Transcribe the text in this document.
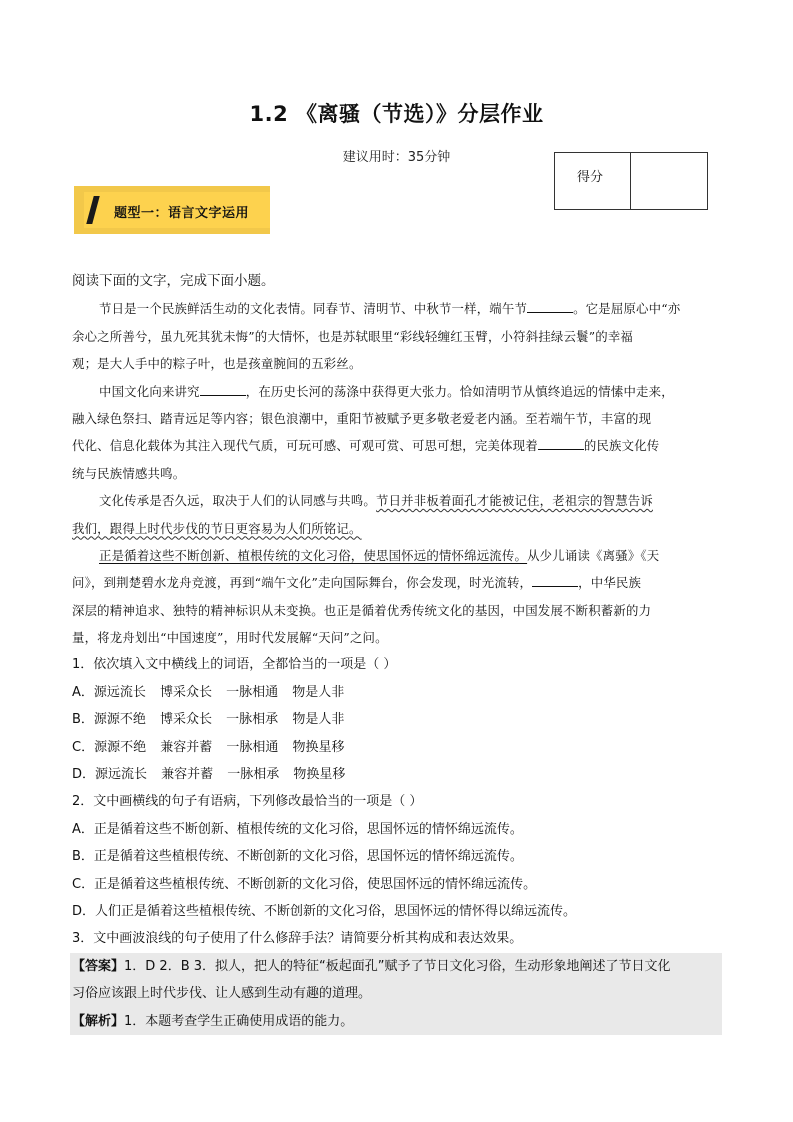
1.2 《离骚（节选）》分层作业
建议用时：35分钟
得分
题型一：语言文字运用
阅读下面的文字，完成下面小题。
节日是一个民族鲜活生动的文化表情。同春节、清明节、中秋节一样，端午节	。它是屈原心中“亦
余心之所善兮，虽九死其犹未悔”的大情怀，也是苏轼眼里“彩线轻缠红玉臂，小符斜挂绿云鬟”的幸福
观；是大人手中的粽子叶，也是孩童腕间的五彩丝。
中国文化向来讲究	，在历史长河的荡涤中获得更大张力。恰如清明节从慎终追远的情愫中走来，
融入绿色祭扫、踏青远足等内容；银色浪潮中，重阳节被赋予更多敬老爱老内涵。至若端午节，丰富的现
代化、信息化载体为其注入现代气质，可玩可感、可观可赏、可思可想，完美体现着	的民族文化传
统与民族情感共鸣。
文化传承是否久远，取决于人们的认同感与共鸣。节日并非板着面孔才能被记住，老祖宗的智慧告诉
我们，跟得上时代步伐的节日更容易为人们所铭记。
正是循着这些不断创新、植根传统的文化习俗，使思国怀远的情怀绵远流传。从少儿诵读《离骚》《天
问》，到荆楚碧水龙舟竞渡，再到“端午文化”走向国际舞台，你会发现，时光流转，	，中华民族
深层的精神追求、独特的精神标识从未变换。也正是循着优秀传统文化的基因，中国发展不断积蓄新的力
量，将龙舟划出“中国速度”，用时代发展解“天问”之问。
1．依次填入文中横线上的词语，全都恰当的一项是（ ）
A．源远流长 博采众长 一脉相通 物是人非
B．源源不绝 博采众长 一脉相承 物是人非
C．源源不绝 兼容并蓄 一脉相通 物换星移
D．源远流长 兼容并蓄 一脉相承 物换星移
2．文中画横线的句子有语病，下列修改最恰当的一项是（ ）
A．正是循着这些不断创新、植根传统的文化习俗，思国怀远的情怀绵远流传。
B．正是循着这些植根传统、不断创新的文化习俗，思国怀远的情怀绵远流传。
C．正是循着这些植根传统、不断创新的文化习俗，使思国怀远的情怀绵远流传。
D．人们正是循着这些植根传统、不断创新的文化习俗，思国怀远的情怀得以绵远流传。
3．文中画波浪线的句子使用了什么修辞手法？请简要分析其构成和表达效果。
【答案】1．D 2．B 3．拟人，把人的特征“板起面孔”赋予了节日文化习俗，生动形象地阐述了节日文化
习俗应该跟上时代步伐、让人感到生动有趣的道理。
【解析】1．本题考查学生正确使用成语的能力。
